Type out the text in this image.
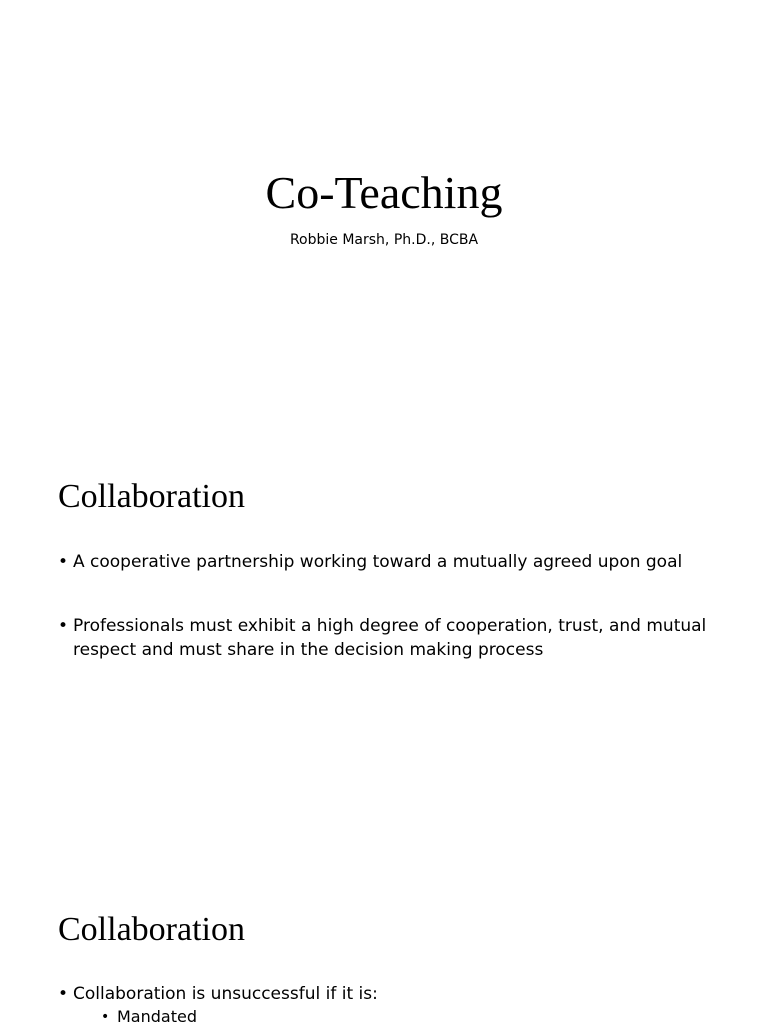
Co-Teaching
Robbie Marsh, Ph.D., BCBA
Collaboration
• A cooperative partnership working toward a mutually agreed upon goal
• Professionals must exhibit a high degree of cooperation, trust, and mutual respect and must share in the decision making process
Collaboration
• Collaboration is unsuccessful if it is:
• Mandated
